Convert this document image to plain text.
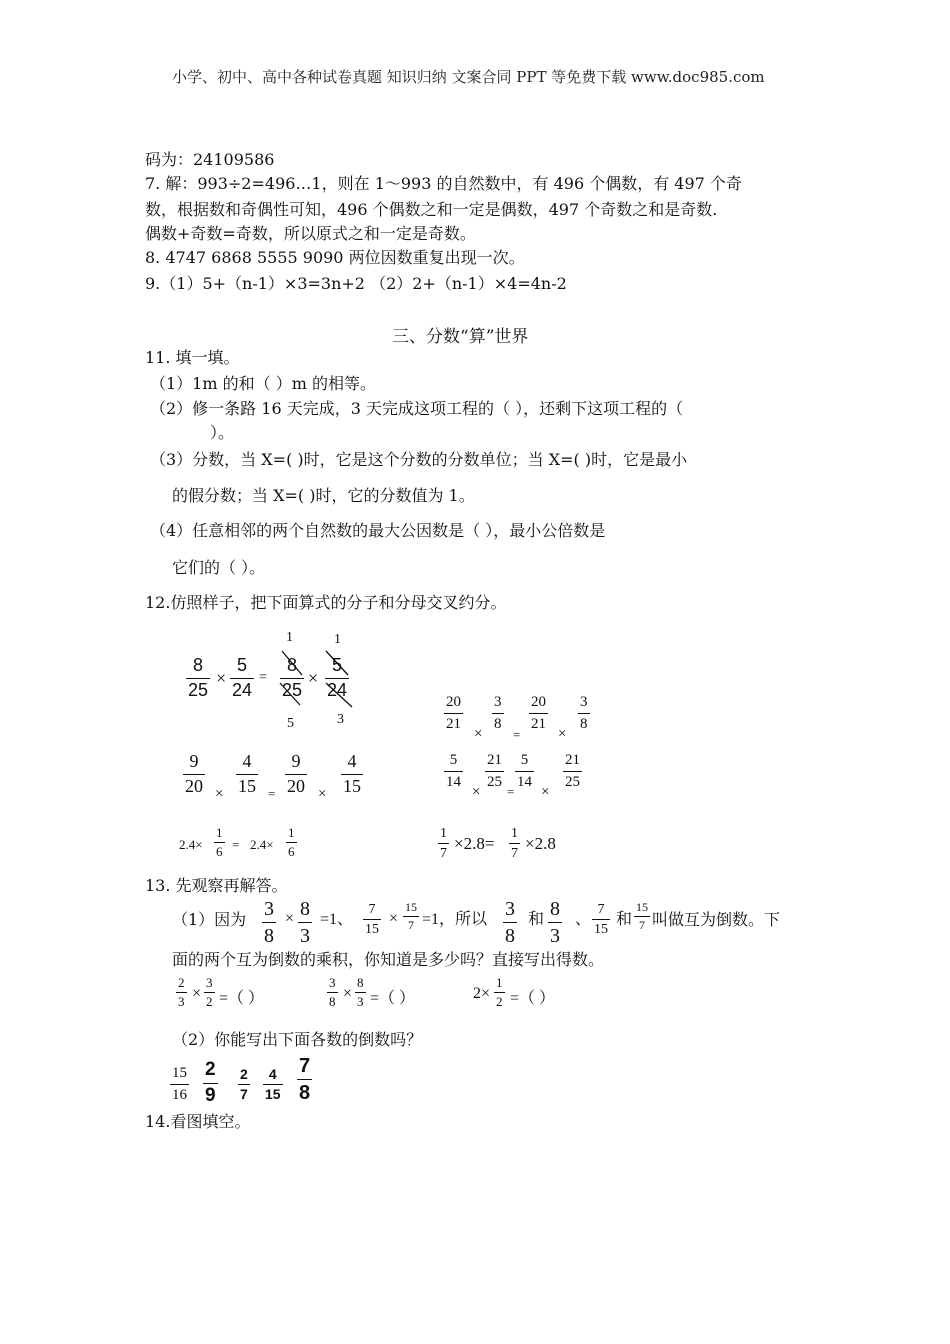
小学、初中、高中各种试卷真题 知识归纳 文案合同 PPT 等免费下载 www.doc985.com
码为：24109586
7. 解：993÷2=496…1，则在 1～993 的自然数中，有 496 个偶数，有 497 个奇
数，根据数和奇偶性可知，496 个偶数之和一定是偶数，497 个奇数之和是奇数.
偶数+奇数=奇数，所以原式之和一定是奇数。
8. 4747 6868 5555 9090 两位因数重复出现一次。
9.（1）5+（n-1）×3=3n+2 （2）2+（n-1）×4=4n-2
三、分数“算”世界
11. 填一填。
（1）1m 的和（ ）m 的相等。
（2）修一条路 16 天完成，3 天完成这项工程的（ ），还剩下这项工程的（
）。
（3）分数，当 X=( )时，它是这个分数的分数单位；当 X=( )时，它是最小
的假分数；当 X=( )时，它的分数值为 1。
（4）任意相邻的两个自然数的最大公因数是（ ），最小公倍数是
它们的（ ）。
12.仿照样子，把下面算式的分子和分母交叉约分。
8
25
×
5
24
=
1	1
8
25
×
5
24
5	3
20
21
×
3
8
=
20
21
×
3
8
9
20 ×
4
15 =
9
20 ×
4
15
5
14
×
21
25
=
5
14
×
21
25
2.4×
1
6 = 2.4×
1
6
1
7
×2.8=
1
7
×2.8
13. 先观察再解答。
（1）因为 3
8
× 8
3
=1、
7
15
×
15
7 =1，所以 3
8
和 8
3
、
7
15
和
15
7 叫做互为倒数。下
面的两个互为倒数的乘积，你知道是多少吗？直接写出得数。
2
3 ×
3
2 =（ ）
3
8 ×
8
3 =（ ）	2×
1
2 =（ ）
（2）你能写出下面各数的倒数吗？
15
16
2
9
2
7
4
15
7
8
14.看图填空。
